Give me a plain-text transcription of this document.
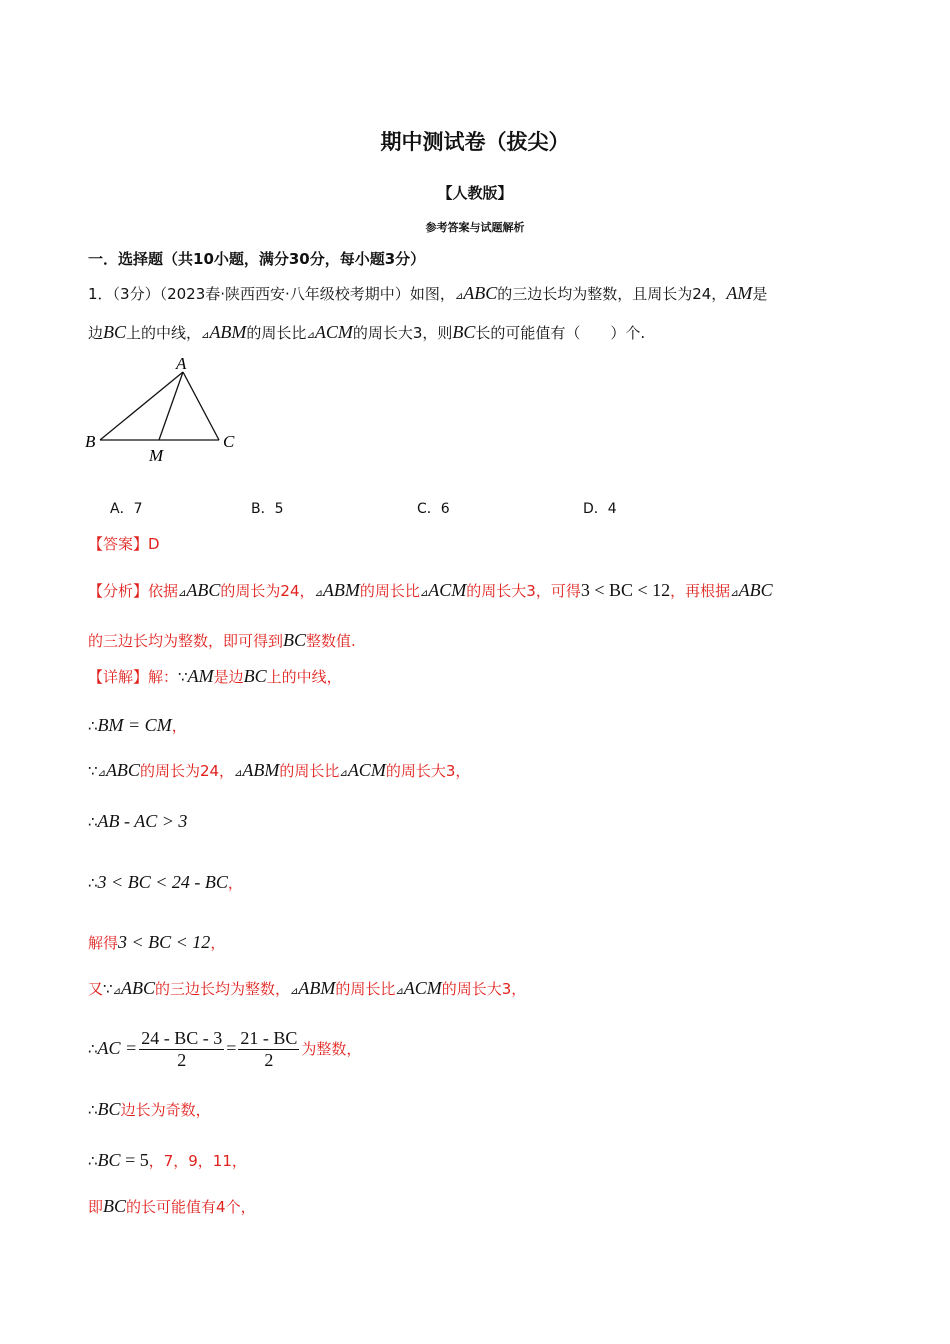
期中测试卷（拔尖）
【人教版】
参考答案与试题解析
一．选择题（共10小题，满分30分，每小题3分）
1．（3分）（2023春·陕西西安·八年级校考期中）如图，⊿ABC的三边长均为整数，且周长为24，AM是
边BC上的中线，⊿ABM的周长比⊿ACM的周长大3，则BC长的可能值有（　　）个.
A
B	C
M
A．7	B．5	C．6	D．4
【答案】D
【分析】依据⊿ABC的周长为24，⊿ABM的周长比⊿ACM的周长大3，可得3 < BC < 12，再根据⊿ABC
的三边长均为整数，即可得到BC整数值.
【详解】解：∵AM是边BC上的中线，
∴BM = CM，
∵⊿ABC的周长为24，⊿ABM的周长比⊿ACM的周长大3，
∴AB - AC > 3
∴3 < BC < 24 - BC，
解得3 < BC < 12，
又∵⊿ABC的三边长均为整数，⊿ABM的周长比⊿ACM的周长大3，
∴AC = $\frac{24 - BC - 3}{2} = \frac{21 - BC}{2}$ 为整数，
∴BC边长为奇数，
∴BC = 5，7，9，11，
即BC的长可能值有4个，
